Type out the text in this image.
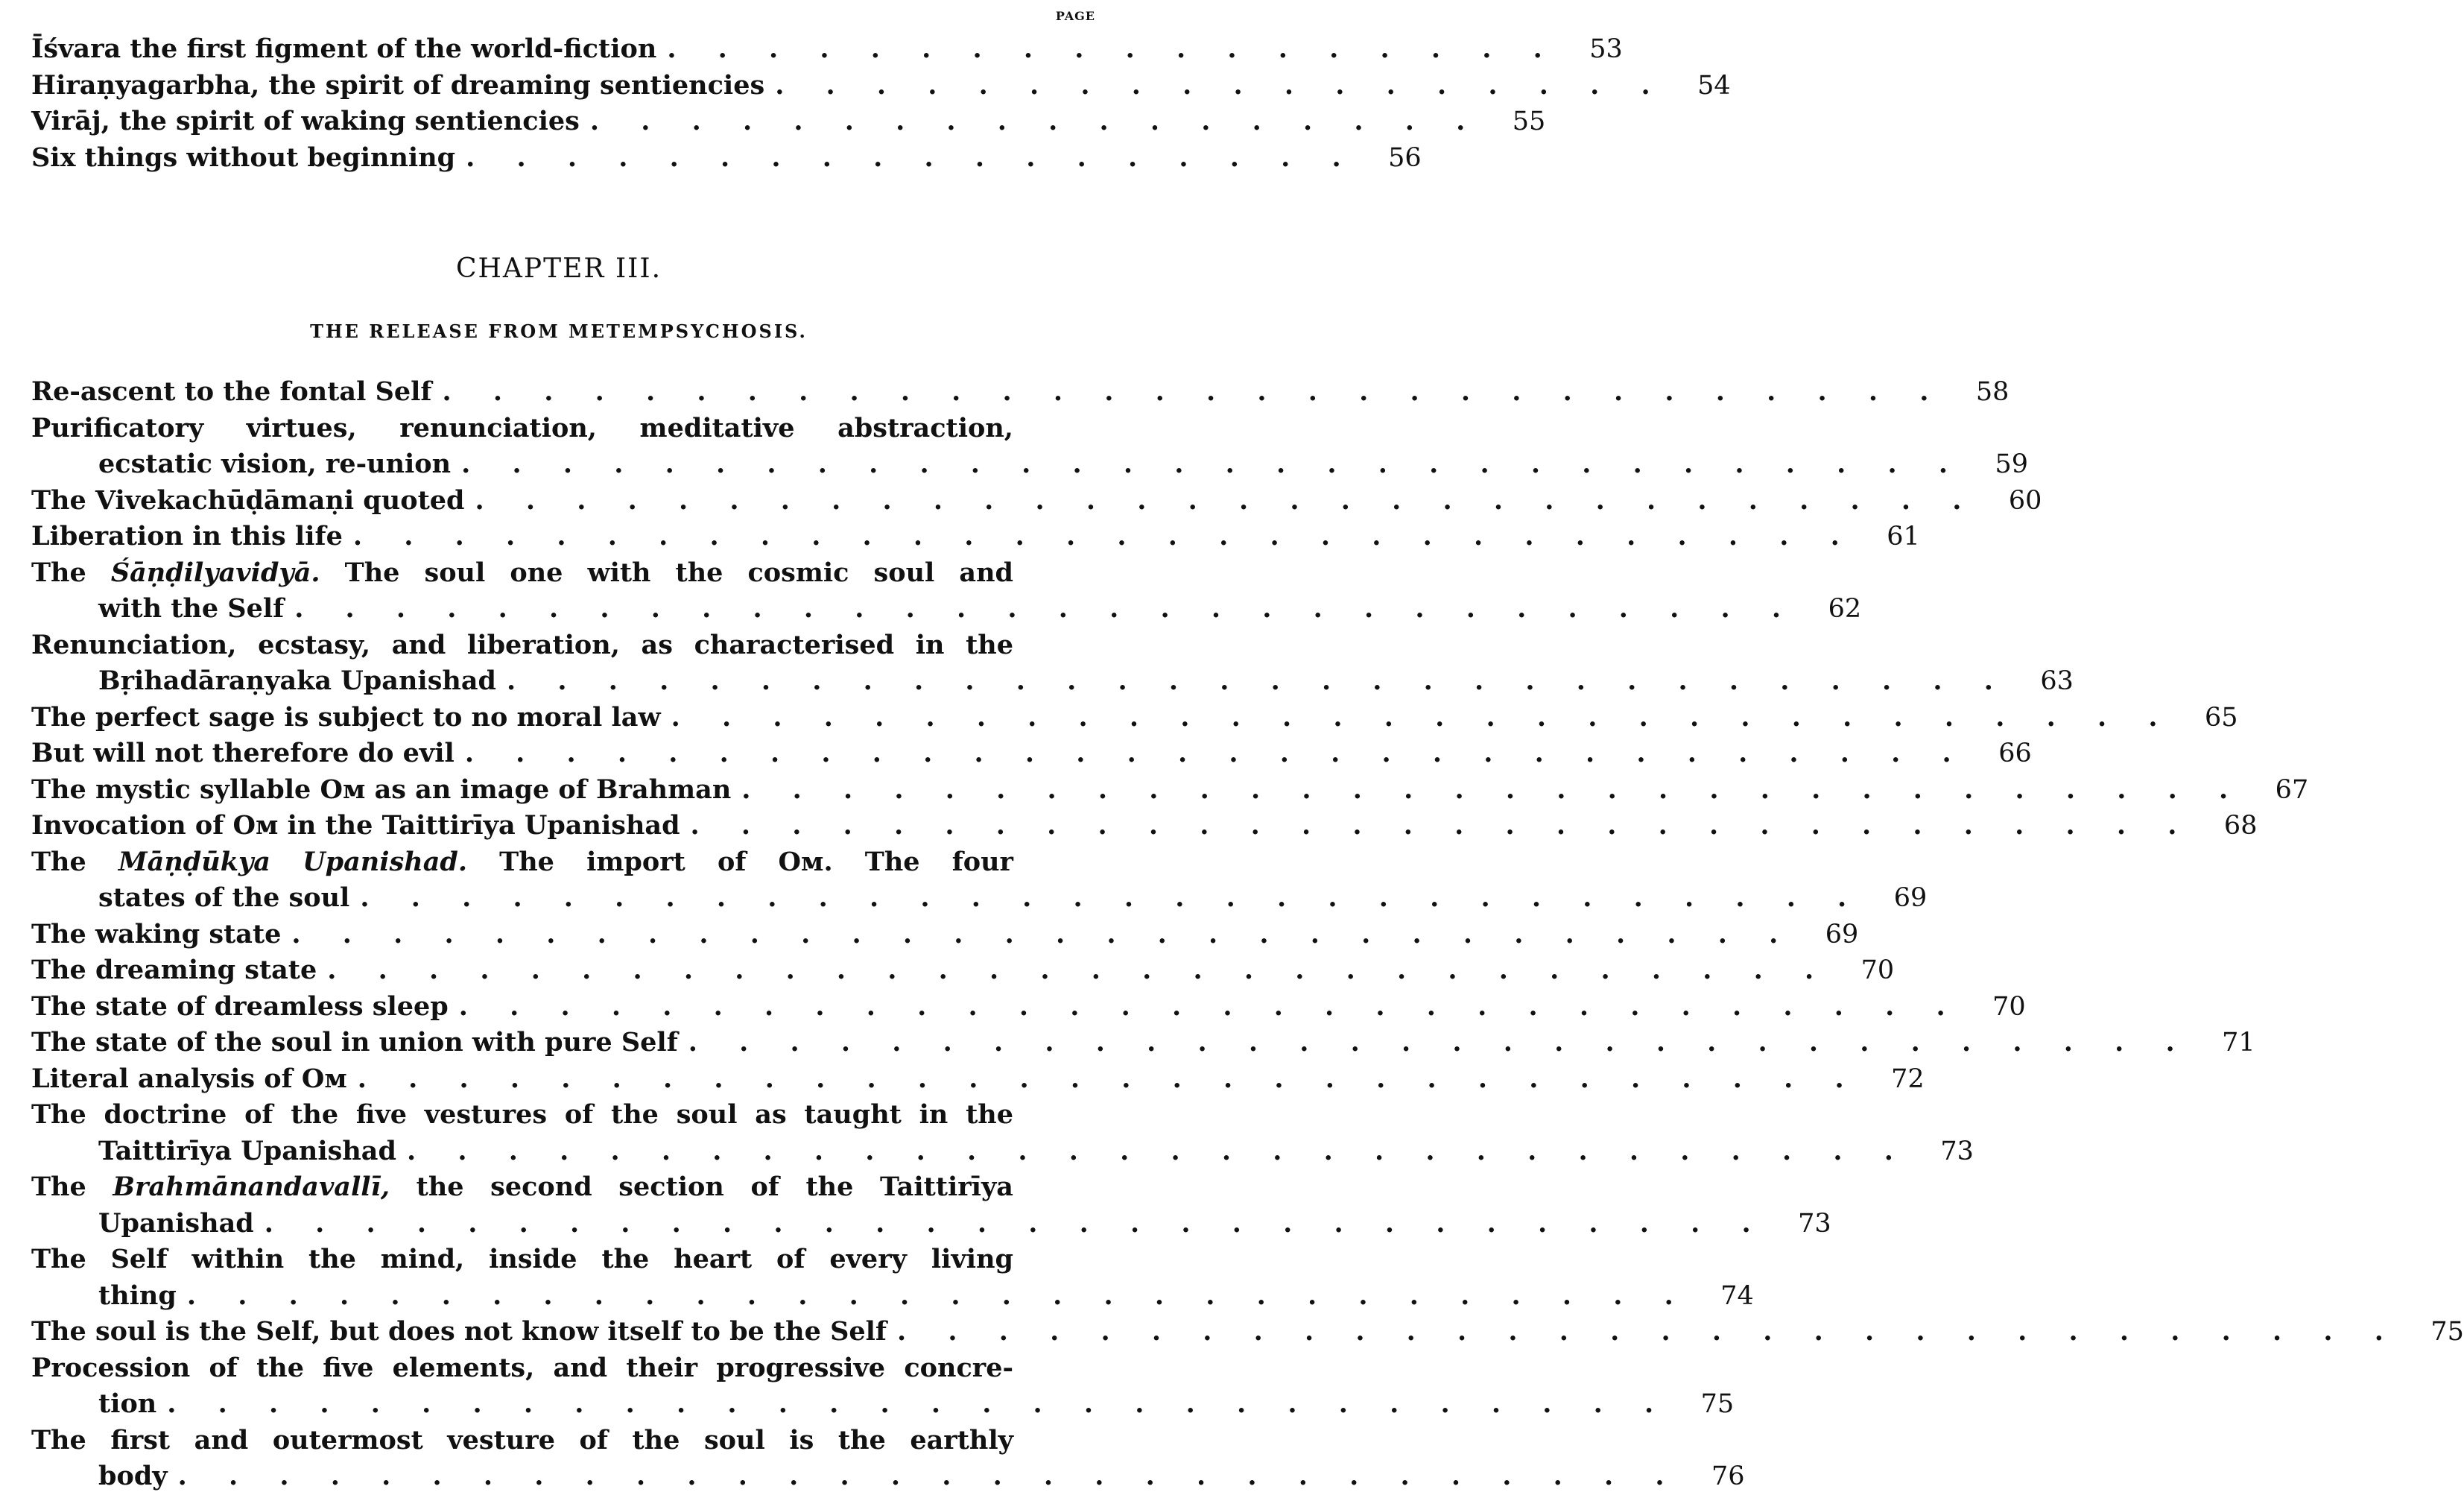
PAGE
Īśvara the first figment of the world-fiction . . . . . . . . . . . . . . . . . .	53
Hiraṇyagarbha, the spirit of dreaming sentiencies . . . . . . . . . . . . . . . . . .	54
Virāj, the spirit of waking sentiencies . . . . . . . . . . . . . . . . . .	55
Six things without beginning . . . . . . . . . . . . . . . . . .	56
CHAPTER III.
THE RELEASE FROM METEMPSYCHOSIS.
Re-ascent to the fontal Self . . . . . . . . . . . . . . . . . . . . . . . . . . . . . .	58
Purificatory virtues, renunciation, meditative abstraction,
ecstatic vision, re-union . . . . . . . . . . . . . . . . . . . . . . . . . . . . . .	59
The Vivekachūḍāmaṇi quoted . . . . . . . . . . . . . . . . . . . . . . . . . . . . . .	60
Liberation in this life . . . . . . . . . . . . . . . . . . . . . . . . . . . . . .	61
The Śāṇḍilyavidyā. The soul one with the cosmic soul and
with the Self . . . . . . . . . . . . . . . . . . . . . . . . . . . . . .	62
Renunciation, ecstasy, and liberation, as characterised in the
Bṛihadāraṇyaka Upanishad . . . . . . . . . . . . . . . . . . . . . . . . . . . . . .	63
The perfect sage is subject to no moral law . . . . . . . . . . . . . . . . . . . . . . . . . . . . . .	65
But will not therefore do evil . . . . . . . . . . . . . . . . . . . . . . . . . . . . . .	66
The mystic syllable Oᴍ as an image of Brahman . . . . . . . . . . . . . . . . . . . . . . . . . . . . . .	67
Invocation of Oᴍ in the Taittirīya Upanishad . . . . . . . . . . . . . . . . . . . . . . . . . . . . . .	68
The Māṇḍūkya Upanishad. The import of Oᴍ. The four
states of the soul . . . . . . . . . . . . . . . . . . . . . . . . . . . . . .	69
The waking state . . . . . . . . . . . . . . . . . . . . . . . . . . . . . .	69
The dreaming state . . . . . . . . . . . . . . . . . . . . . . . . . . . . . .	70
The state of dreamless sleep . . . . . . . . . . . . . . . . . . . . . . . . . . . . . .	70
The state of the soul in union with pure Self . . . . . . . . . . . . . . . . . . . . . . . . . . . . . .	71
Literal analysis of Oᴍ . . . . . . . . . . . . . . . . . . . . . . . . . . . . . .	72
The doctrine of the five vestures of the soul as taught in the
Taittirīya Upanishad . . . . . . . . . . . . . . . . . . . . . . . . . . . . . .	73
The Brahmānandavallī, the second section of the Taittirīya
Upanishad . . . . . . . . . . . . . . . . . . . . . . . . . . . . . .	73
The Self within the mind, inside the heart of every living
thing . . . . . . . . . . . . . . . . . . . . . . . . . . . . . .	74
The soul is the Self, but does not know itself to be the Self . . . . . . . . . . . . . . . . . . . . . . . . . . . . . .	75
Procession of the five elements, and their progressive concre-
tion . . . . . . . . . . . . . . . . . . . . . . . . . . . . . .	75
The first and outermost vesture of the soul is the earthly
body . . . . . . . . . . . . . . . . . . . . . . . . . . . . . .	76
